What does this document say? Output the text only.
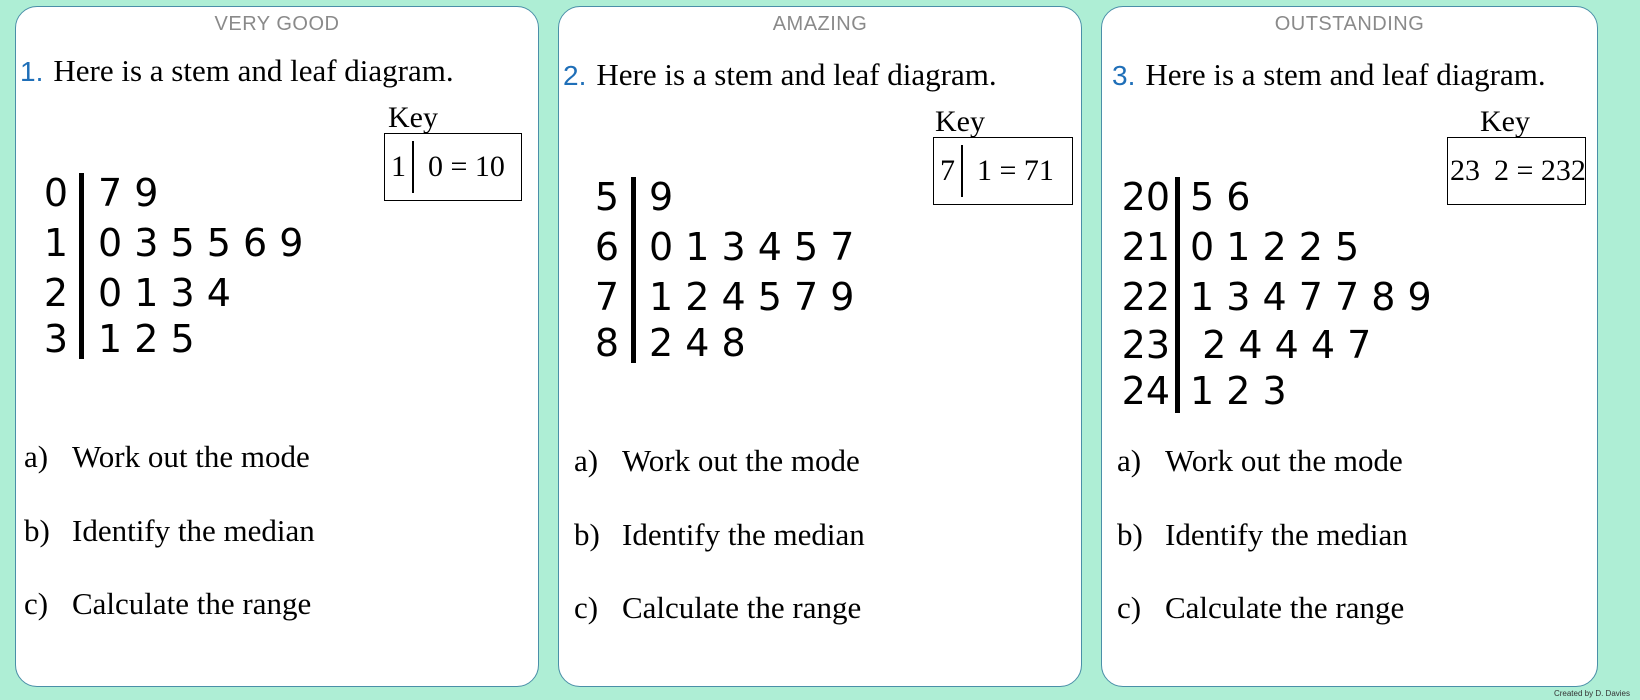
VERY GOOD
1. Here is a stem and leaf diagram.
Key
1 0 = 10
0 7 9
1 0 3 5 5 6 9
2 0 1 3 4
3 1 2 5
a) Work out the mode
b) Identify the median
c) Calculate the range
AMAZING
2. Here is a stem and leaf diagram.
Key
7 1 = 71
5 9
6 0 1 3 4 5 7
7 1 2 4 5 7 9
8 2 4 8
a) Work out the mode
b) Identify the median
c) Calculate the range
OUTSTANDING
3. Here is a stem and leaf diagram.
Key
23 2 = 232
20 5 6
21 0 1 2 2 5
22 1 3 4 7 7 8 9
23 2 4 4 4 7
24 1 2 3
a) Work out the mode
b) Identify the median
c) Calculate the range
Created by D. Davies
